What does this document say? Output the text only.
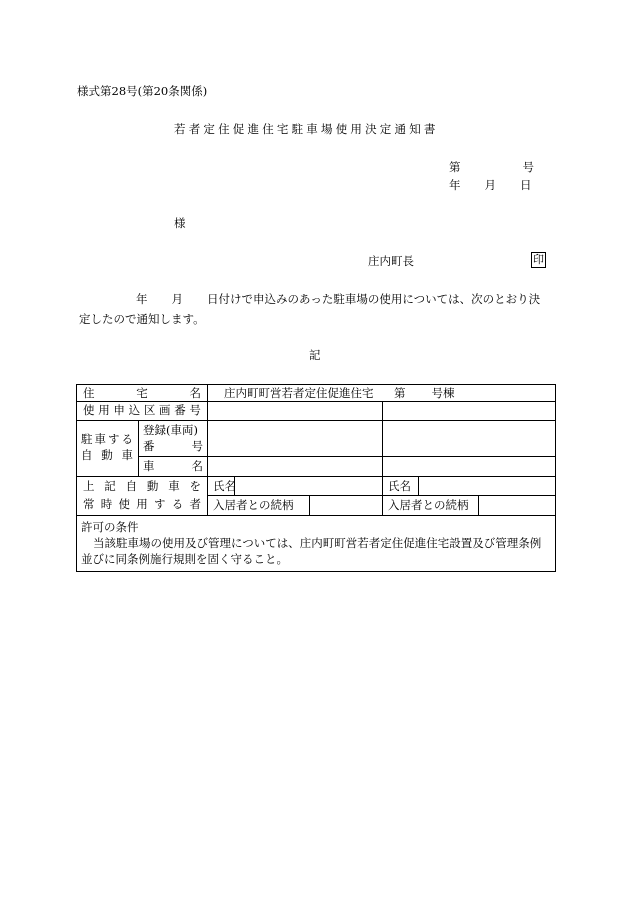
様式第28号(第20条関係)
若者定住促進住宅駐車場使用決定通知書
第	号
年 月 日
様
庄内町長	印
年 月 日付けで申込みのあった駐車場の使用については、次のとおり決
定したので通知します。
記
住	宅	名 庄内町町営若者定住促進住宅 第 号棟
使 用 申 込 区 画 番 号
駐 車 す る
自 動 車
登録(車両)
番	号
車	名
上 記 自 動 車 を
常 時 使 用 す る 者
氏名	氏名
入居者との続柄	入居者との続柄
許可の条件
当該駐車場の使用及び管理については、庄内町町営若者定住促進住宅設置及び管理条例
並びに同条例施行規則を固く守ること。
